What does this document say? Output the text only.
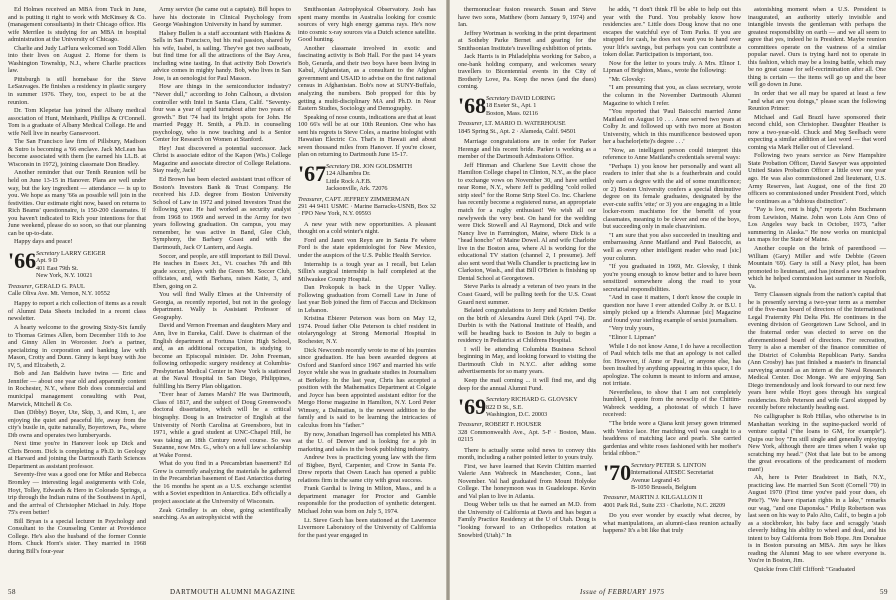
Ed Holmes received an MBA from Tuck in June, and is putting it right to work with McKinsey & Co. (management consultants) in their Chicago office. His wife Merrilee is studying for an MBA in hospital administration at the University of Chicago.

Charlie and Judy LaFlura welcomed son Todd Allen into their lives on August 2. Home for them is Washington Township, N.J., where Charlie practices law.

Pittsburgh is still homebase for the Steve LeSauvages. He finishes a residency in plastic surgery in summer 1976. They, too, expect to be at the reunion.

Dr. Tom Klepetar has joined the Albany medical association of Hunt, Meinhardt, Phillips & O'Connell. Tom is a graduate of Albany Medical College. He and wife Nell live in nearby Gansevoort.

The San Francisco law firm of Pillsbury, Madison & Sutro is becoming a '66 enclave. Jack McLean has become associated with them (he earned his LL.B. at Wisconsin in 1972), joining classmate Don Bradley.

Another reminder that our Tenth Reunion will be held on June 13-15 in Hanover. Plans are well under way, but the key ingredient — attendance — is up to you. We hope as many '66s as possible will join in the festivities. Our estimate right now, based on returns to Rich Beams' questionnaire, is 150-200 classmates. If you haven't indicated to Rich your intentions for that June weekend, please do so soon, so that our planning can be up-to-date.

Happy days and peace!

'66 Secretary LARRY GEIGER
Apt. 9 D
401 East 79th St.
New York, N.Y. 10021
Treasurer, GERALD G. PAUL
Calle Oliva Ave. Mt. Vernon, N.Y. 10552

Happy to report a rich collection of items as a result of Alumni Data Sheets included in a recent class newsletter.

A hearty welcome to the growing Sixty-Six family to Thomas Grimes Allen, born December 11th to Joe and Ginny Allen in Worcester. Joe's a partner, specializing in corporation and banking law with Mason, Crotty and Dunn. Ginny is kept busy with Joe IV, 5, and Elizabeth, 2.

Bob and Jan Baldwin have twins — Eric and Jennifer — about one year old and apparently content in Rochester, N.Y., where Bob does commercial and municipal management consulting with Peat, Marwick, Mitchell & Co.

Dan (Dibby) Boyer, Ute, Skip, 3, and Kim, 1, are enjoying the quiet and peaceful life, away from the city's bustle in, quite naturally, Boyertown, Pa., where Dib owns and operates two lumberyards.

Next time you're in Hanover look up Dick and Chris Broom. Dick is completing a Ph.D. in Geology at Harvard and joining the Dartmouth Earth Sciences Department as assistant professor.

Seventy-five was a good one for Mike and Rebecca Bromley — interesting legal assignments with Cole, Hoyt, Tolley, Edwards & Hero in Colorado Springs, a trip through the Indian ruins of the Southwest in April, and the arrival of Christopher Michael in July. Hope 75's even better!

Bill Bryan is a special lecturer in Psychology and Consultant to the Counseling Center at Providence College. He's also the husband of the former Connie Horn. Chuck Horn's sister. They married in 1968 during Bill's four-year

Army service (he came out a captain). Bill hopes to have his doctorate in Clinical Psychology from George Washington University in hand by summer.

Halsey Bullen is a staff accountant with Haskins & Sells in San Francisco, but his real passion, shared by his wife, Isabel, is sailing. They've got two sailboats, but find time for all the attractions of the Bay Area, including wine tasting. In that activity Bob Dowrie's advice comes in mighty handy. Bob, who lives in San Jose, is an oenologist for Paul Masson.

How are things in the semiconductor industry? "Never dull," according to John Calhoun, a division controller with Intel in Santa Clara, Calif. "Seventy-four was a year of rapid turnabout after two years of growth." But '74 had its bright spots for John. He married Peggy H. Smith, a Ph.D. in counseling psychology, who is now teaching and is a Senior Center for Research on Women at Stanford.

Hey! Just discovered a potential successor. Jack Christ is associate editor of the Kapon (Wis.) College Magazine and associate director of College Relations. Stay ready, Jack!

Ed Brown has been elected assistant trust officer of Boston's Investors Bank & Trust Company. He received his J.D. degree from Boston University School of Law in 1972 and joined Investors Trust the following year. He had worked as security analyst from 1968 to 1969 and served in the Army for two years following graduation. On campus, you may remember, he was active in Band, Glee Club, Symphony, the Barbary Coast and with the Dartmouth, Jack O' Lantern, and Aegis.

Soccer, and people, are still important to Bill Duval. He teaches in Essex Jct., Vt. coaches 7th and 8th grade soccer, plays with the Green Mt. Soccer Club, officiates, and, with Barbara, raises Katie, 3, and Eben, going on 2.

You will find Wally Elmes at the University of Georgia, as recently reported, but not in the geology department. Wally is Assistant Professor of Geography.

David and Vernon Freeman and daughters Mary and Ann, live in Eureka, Calif. Dave is chairman of the English department at Fortuna Union High School, and, as an additional occupation, is studying to become an Episcopal minister. Dr. John Freeman, following orthopedic surgery residency at Columbia-Presbyterian Medical Center in New York is stationed at the Naval Hospital in San Diego, Philippines, fulfilling his Berry Plan obligation.

"Ever hear of James Marsh? He was Dartmouth, Class of 1817, and the subject of Doug Greenwood's doctoral dissertation, which will be a critical biography. Doug is an Instructor of English at the University of North Carolina at Greensboro, but in 1971, while a grad student at UNC-Chapel Hill, he was taking an 18th Century novel course. So was Suzanne, now Mrs. G., who's on a full law scholarship at Wake Forest.

What do you find in a Precambrian basement? Ed Grew is currently analyzing the materials he gathered in the Precambrian basement of East Antarctica during the 16 months he spent as a U.S. exchange scientist with a Soviet expedition in Antarctica. Ed's officially a project associate at the University of Wisconsin.

Zeak Grindley is an oboe, going scientifically searching. As an astrophysicist with the

Smithsonian Astrophysical Observatory. Josh has spent many months in Australia looking for cosmic sources of very high energy gamma rays. He's now into cosmic x-ray sources via a Dutch science satellite. Good hunting.

Another classmate involved in exotic and fascinating activity is Bob Hall. For the past 14 years Bob, Gerarda, and their two boys have been living in Kabul, Afghanistan, as a consultant to the Afghan government and USAID to advise on the first national census in Afghanistan. Bob's now at SUNY-Buffalo, analyzing the numbers. Bob propped for this by getting a multi-disciplinary MA and Ph.D. in Near Eastern Studies, Sociology and Demography.

Speaking of nose counts, indications are that at least 100 66's will be at our 10th Reunion. One who has sent his regrets is Steve Coles, a marine biologist with Hawaiian Electric Co. That's in Hawaii and about seven thousand miles from Hanover. If you're closer, plan on returning to Dartmouth June 15-17.

'67 Secretary DR. JON GOLDSMITH
124 Alhambra Dr.
Little Rock A.F.B.
Jacksonville, Ark. 72076
Treasurer, CAPT. JEFFREY ZIMMERMAN
291 44 9411 USMC · Marine Barracks-USNB, Box 32 · FPO New York, N.Y. 09593

A new year with new opportunities. A pleasant thought on a cold winter's night.

Ford and Janet von Reyn are in Santa Fe where Ford is the state epidemiologist for New Mexico, under the auspices of the U.S. Public Health Service.

Internship is a tough year as I recall, but Lelan Sillin's surgical internship is half completed at the Milwaukee County Hospital.

Dan Prokopuk is back in the Upper Valley. Following graduation from Cornell Law in June of last year Bob joined the firm of Faccus and Dickinson in Lebanon.

Kristina Ebierer Peterson was born on May 12, 1974. Proud father Olie Peterson is chief resident in otolaryngology at Strong Memorial Hospital in Rochester, N.Y.

Dick Newcomb recently wrote to me of his journies since graduation. He has been awarded degrees at Oxford and Stanford since 1967 and married his wife Joyce while she was in graduate studies in Journalism at Berkeley. In the last year, Chris has accepted a position with the Mathematics Department at Colgate and Joyce has been appointed assistant editor for the Mergo Horse magazine in Hamilton, N.Y. Lord Peter Wimsey, a Dalmatian, is the newest addition to the family and is said to be learning the intricacies of calculus from his "father."

By now, Jonathan Ingersoll has completed his MBA at the U. of Denver and is looking for a job in marketing and sales in the book publishing industry.

Andrew Ives is practicing young law with the firm of Bigbee, Byrd, Carpenter, and Crow in Santa Fe. Drew reports that Owen Leach has opened a public relations firm in the same city with great success.

Frank Gardial is living in Milton, Mass., and is a department manager for Proctor and Gamble responsible for the production of synthetic detergent. Michael John was born on July 5, 1974.

Lt. Steve Goch has been stationed at the Lawrence Livermore Laboratory of the University of California for the past year engaged in

58	DARTMOUTH ALUMNI MAGAZINE

thermonuclear fusion research. Susan and Steve have two sons, Matthew (born January 9, 1974) and Ian.

Jeffrey Wortman is working in the print department at Sotheby Parke Bernet and gearing for the Smithsonian Institute's travelling exhibition of prints.

Jack Harris is in Philadelphia working for Sabco, a one-bank holding company, and welcomes weary travellers to Bicentennial events in the City of Brotherly Love, Pa. Keep the news (and the dues) coming.

'68 Secretary DAVID LORING
18 Exeter St., Apt. 1
Boston, Mass. 02116
Treasurer, LT. MARIO D. WATERHOUSE
1845 Spring St., Apt. 2 · Alameda, Calif. 94501

Marriage congratulations are in order for Parker Herenge and his recent bride. Parker is working as a member of the Dartmouth Admissions Office.

Jeff Hinman and Charlene Sue Levitt chose the Hamilton College chapel in Clinton, N.Y., as the place to exchange vows on November 30, and have settled near Rome, N.Y., where Jeff is peddling "cold rolled strip steel" for the Rome Strip Steel Co. Inc. Charlene has recently become a registered nurse, an appropriate match for a rugby enthusiast! We wish all our newlyweds the very best. On hand for the wedding were Dick Stowell and Al Raymond, Dick and wife Nancy live in Farmington, Maine, where Dick is a "head honcho" of Maine Dowel. Al and wife Charlotte live in the Boston area, where Al is working for the educational TV station (channel 2, I presume). Jeff also sent word that Wells Chandler is practicing law in Clarkston, Wash., and that Bill O'Brien is finishing up Dental School at Georgetown.

Steve Parks is already a veteran of two years in the Coast Guard, will be pulling teeth for the U.S. Coast Guard next summer.

Belated congratulations to Jerry and Kristen Dettke on the birth of Alexandra Aurel Dirk (April '74). Dr. Durbin is with the National Institute of Health, and will be heading back to Boston in July to begin a residency in Pediatrics at Childrens Hospital.

I will be attending Columbia Business School beginning in May, and looking forward to visiting the Dartmouth Club in N.Y.C. after adding some advertisements for so many years.

Keep the mail coming ... it will find me, and dig deep for the annual Alumni Fund.

'69 Secretary RICHARD G. GLOVSKY
822 D St., S.E.
Washington, D.C. 20003
Treasurer, ROBERT F. HOUSER
328 Commonwealth Ave., Apt. 5-F · Boston, Mass. 02115

There is actually some solid news to convey this month, including a rather pointed letter to yours truly.

First, we have learned that Kevin Chittim married Valerie Ann Wabreck in Manchester, Conn., last November. Val had graduated from Mount Holyoke College. The honeymoon was in Guadeloupe. Kevin and Val plan to live in Atlanta.

Doug Weber tells us that he earned an M.D. from the University of California at Davis and has begun a Family Practice Residency at the U of Utah. Doug is "looking forward to an Orthopedics rotation at Snowbird (Utah)." In

he adds, "I don't think I'll be able to help out this year with the Fund. You probably know how residencies are." Little does Doug know that no one escapes the watchful eye of Tom Parks. If you are strapped for cash, he does not want you to hand over your life's savings, but perhaps you can contribute a token dollar. Participation is important, too.

Now for the letter to yours truly. A Mrs. Elinor I. Lipman of Brighton, Mass., wrote the following:

"Mr. Glovsky:

"I am presuming that you, as class secretary, wrote the column in the November Dartmouth Alumni Magazine to which I refer.

"You reported that 'Paul Baiocchi married Anne Maitland on August 10 . . . Anne served two years at Colby Jr. and followed up with two more at Boston University, which in this munificence bestowed upon her a bachelor(ette)'s degree . . .'

"Now, an intelligent person could interpret this reference to Anne Maitland's credentials several ways:

"Perhaps 1) you know her personally and want all readers to infer that she is a featherbrain and could only earn a degree with the aid of some munificence; or 2) Boston University confers a special diminutive degree on its female graduates, designated by the ever-cute suffix 'ette;' or 3) you are engaging in a little locker-room machismo for the benefit of your classmates, meaning to be clever and one of the boys, but succeeding only in male chauvinism.

"I am sure that you also succeeded in insulting and embarrassing Anne Maitland and Paul Baiocchi, as well as every other intelligent reader who read [sic] your column.

"If you graduated in 1969, Mr. Glovsky, I think you're young enough to know better and to have been sensitized somewhere along the road to your secretarial responsibilities.

"And in case it matters, I don't know the couple in question nor have I ever attended Colby Jr. or B.U. I simply picked up a friend's Alumnae [sic] Magazine and found your sterling example of sexist journalism.

"Very truly yours,

"Elinor I. Lipman"

While I do not know Anne, I do have a recollection of Paul which tells me that an apology is not called for. However, if Anne or Paul, or anyone else, has been insulted by anything appearing in this space, I do apologize. The column is meant to inform and amuse, not irritate.

Nevertheless, to show that I am not completely humbled, I quote from the newsclip of the Chittim-Wabreck wedding, a photostat of which I have received:

"The bride wore a Qiana knit jersey gown trimmed with Venice lace. Her matching veil was caught to a headdress of matching lace and pearls. She carried gardenias and white roses fashioned with her mother's bridal ribbon."

'70 Secretary PETER S. LINTON
International AIESEC Secretariat
Avenue Legrand 45
B-1050 Brussels, Belgium
Treasurer, MARTIN J. KILGALLON II
4001 Park Rd., Suite 233 · Charlotte, N.C. 28209

Do you ever wonder by exactly what decree, by what manipulations, an alumni-class reunion actually happens? It's a bit like that truly

astonishing moment when a U.S. President is inaugurated, an authority utterly invisible and intangible invests the gentleman with perhaps the greatest responsibility on earth — and we all seem to agree that yes, indeed he is President. Maybe reunion committees operate on the vastness of a similar popular navel. Ours is trying hard not to operate in this fashion, which may be a losing battle, which may be no great cause for self-recrimination after all. One thing is certain — the items will go up and the beer will go down in June.

In order that we all may be spared at least a few "and what are you doings," please scan the following Reunion Primer:

Michael and Gail Brazil have sponsored their second child, son Christopher. Daughter Heather is now a two-year-old. Chuck and Meg Seelbach were expecting a similar addition at last word — that word coming via Mark Heller out of Cleveland.

Following two years service as New Hampshire State Probation Officer, David Sawyer was appointed United States Probation Officer a little over one year ago. He was also commissioned 2nd lieutenant, U.S. Army Reserves, last August, one of the first 20 officers so commissioned under President Ford, which he continues as a "dubious distinction".

"Pay is low, rent is high," reports John Buchmann from Lewiston, Maine. John won Lois Ann Ono of Los Angeles way back in October, 1973, "after summering in Alaska." He now works on municipal tax maps for the State of Maine.

Another couple on the brink of parenthood — William (Gary) Miller and wife Debbie (Green Mountain '69). Gary is still a Navy pilot, has been promoted to lieutenant, and has joined a new squadron which he helped commission last summer in Norfolk, Va.

Terry Claassen signals from the nation's capital that he is presently serving a two-year term as a member of the five-man board of directors of the International Legal Fraternity Phi Delta Phi. He continues in the evening division of Georgetown Law School, and in the fraternal order was elected to serve on the aforementioned board of directors. For recreation, Terry is also a member of the finance committee of the District of Columbia Republican Party. Sandra (Ann Crosby) has just finished a master's in financial surveying around as an intern at the Naval Research Medical Center. Doc Monge. We are enjoying San Diego tremendously and look forward to our next few years here while Hoyt goes through his surgical residencies. Rob Peterson and wife Carol stopped by recently before reluctantly heading east.

No calligrapher is Rob Hillas, who otherwise is in Manhattan working in the supine-packed world of venture capital ("the loans to GM, for example"). Quips our boy "I'm still single and generally enjoying New York, although there are times when I wake up scratching my head." (Not that late but to be among the great evocations of the predicament of modern man!)

Ah, here is Peter Bradstreet in Bath, N.Y., practicing law. He married Sun Scott (Cornell '70) in August 1970 (First time you've paid your dues, eh Pete?). "We have riparian rights in a lake," remarks our wag, "and one Daponska." Philip Robertson was last seen on his way to Palo Alto, Calif., to begin a job as a stockbroker, his baby face and scraggly 'stash cleverly hiding his ability to wheel and deal, and his intent to buy California from Bob Hope. Jim Donahue is in Boston pursuing an MBA. Jim says he likes reading the Alumni Mag to see where everyone is. You're in Boston, Jim.

Quickie from Cliff Clifford: "Graduated

Issue of FEBRUARY 1975	59
